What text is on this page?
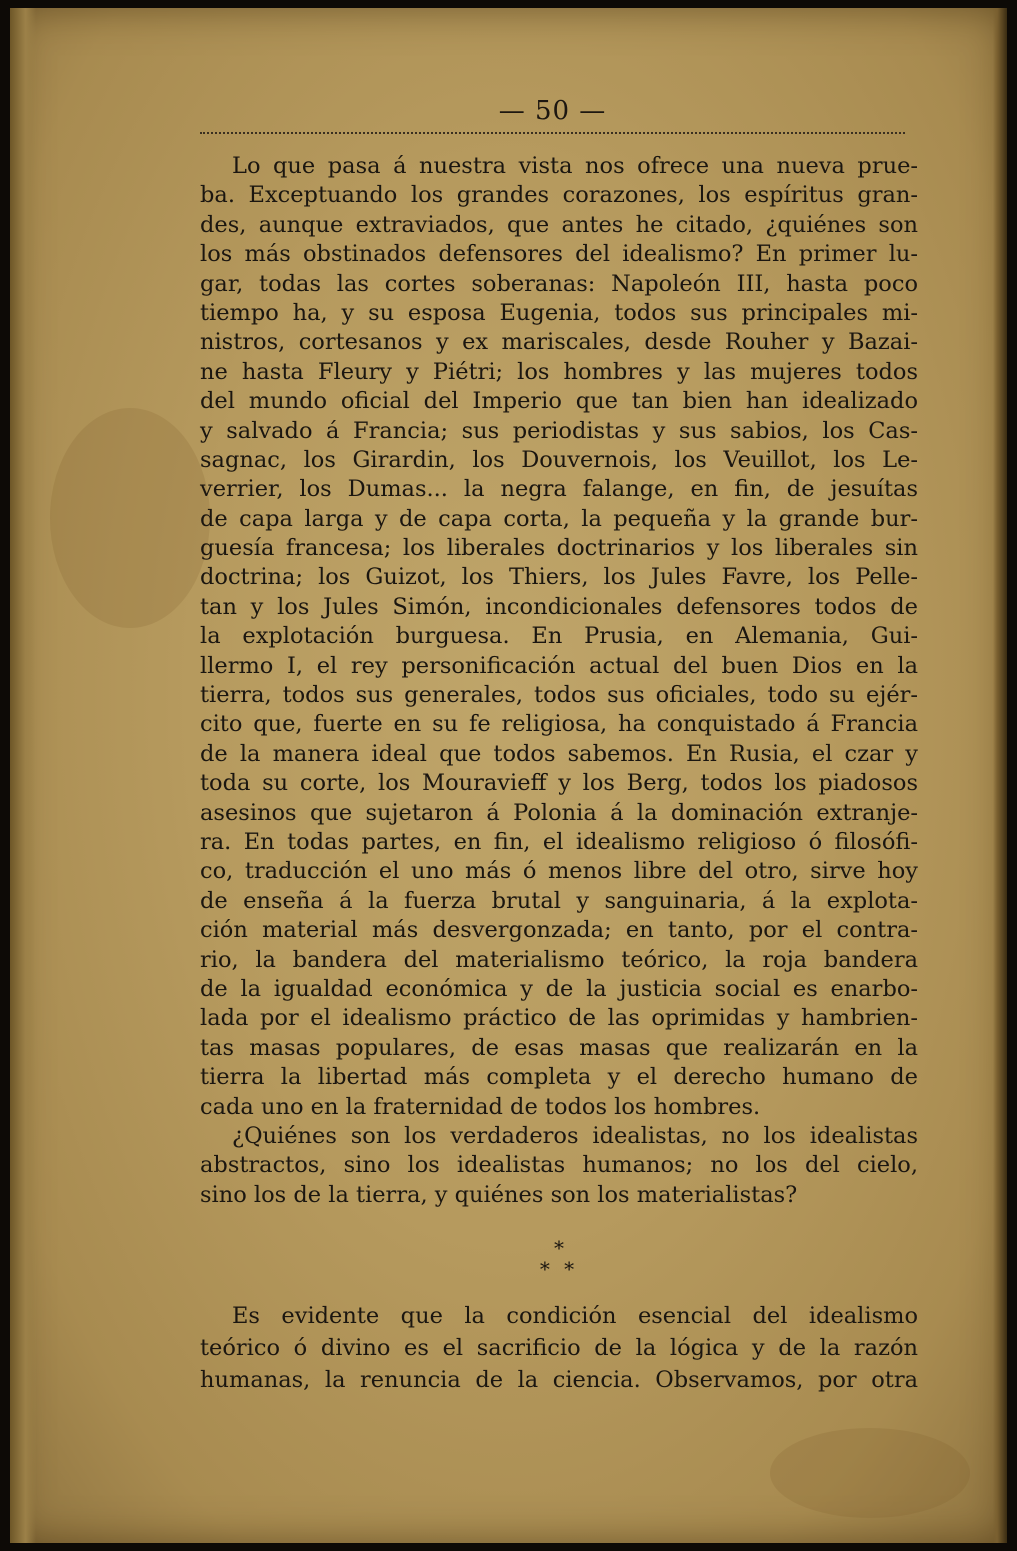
— 50 —
Lo que pasa á nuestra vista nos ofrece una nueva prue-
ba. Exceptuando los grandes corazones, los espíritus gran-
des, aunque extraviados, que antes he citado, ¿quiénes son
los más obstinados defensores del idealismo? En primer lu-
gar, todas las cortes soberanas: Napoleón III, hasta poco
tiempo ha, y su esposa Eugenia, todos sus principales mi-
nistros, cortesanos y ex mariscales, desde Rouher y Bazai-
ne hasta Fleury y Piétri; los hombres y las mujeres todos
del mundo oficial del Imperio que tan bien han idealizado
y salvado á Francia; sus periodistas y sus sabios, los Cas-
sagnac, los Girardin, los Douvernois, los Veuillot, los Le-
verrier, los Dumas... la negra falange, en fin, de jesuítas
de capa larga y de capa corta, la pequeña y la grande bur-
guesía francesa; los liberales doctrinarios y los liberales sin
doctrina; los Guizot, los Thiers, los Jules Favre, los Pelle-
tan y los Jules Simón, incondicionales defensores todos de
la explotación burguesa. En Prusia, en Alemania, Gui-
llermo I, el rey personificación actual del buen Dios en la
tierra, todos sus generales, todos sus oficiales, todo su ejér-
cito que, fuerte en su fe religiosa, ha conquistado á Francia
de la manera ideal que todos sabemos. En Rusia, el czar y
toda su corte, los Mouravieff y los Berg, todos los piadosos
asesinos que sujetaron á Polonia á la dominación extranje-
ra. En todas partes, en fin, el idealismo religioso ó filosófi-
co, traducción el uno más ó menos libre del otro, sirve hoy
de enseña á la fuerza brutal y sanguinaria, á la explota-
ción material más desvergonzada; en tanto, por el contra-
rio, la bandera del materialismo teórico, la roja bandera
de la igualdad económica y de la justicia social es enarbo-
lada por el idealismo práctico de las oprimidas y hambrien-
tas masas populares, de esas masas que realizarán en la
tierra la libertad más completa y el derecho humano de
cada uno en la fraternidad de todos los hombres.
¿Quiénes son los verdaderos idealistas, no los idealistas
abstractos, sino los idealistas humanos; no los del cielo,
sino los de la tierra, y quiénes son los materialistas?
*
* *
Es evidente que la condición esencial del idealismo
teórico ó divino es el sacrificio de la lógica y de la razón
humanas, la renuncia de la ciencia. Observamos, por otra
